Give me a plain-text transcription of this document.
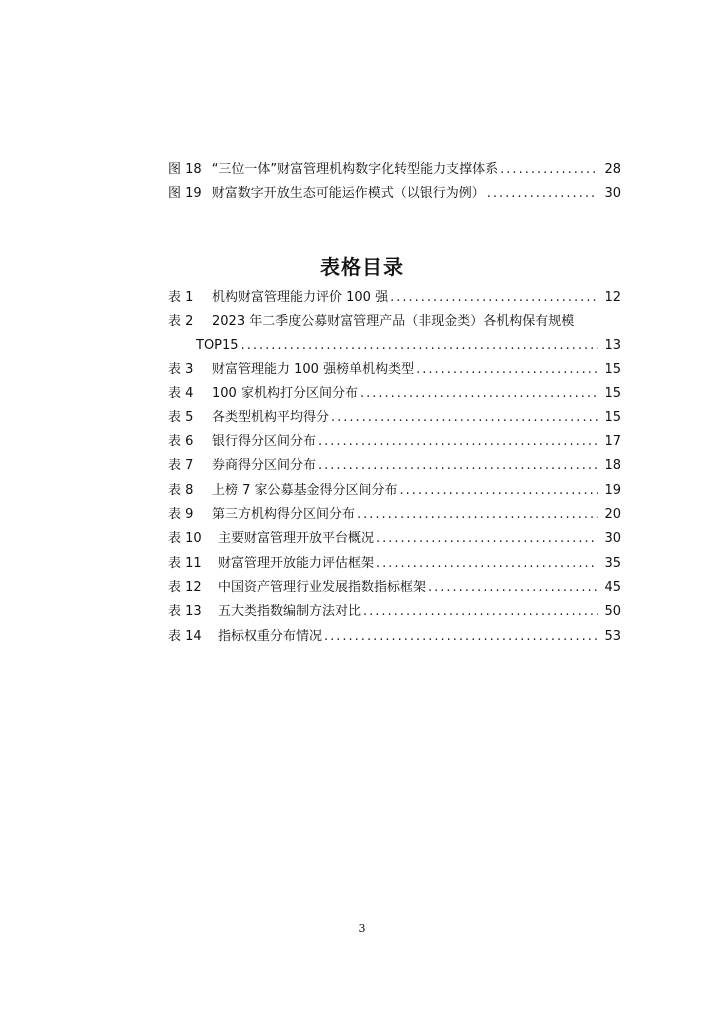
图 18 “三位一体”财富管理机构数字化转型能力支撑体系 .....	28
图 19 财富数字开放生态可能运作模式（以银行为例） .....	30
表格目录
表 1	机构财富管理能力评价 100 强 .....	12
表 2	2023 年二季度公募财富管理产品（非现金类）各机构保有规模
TOP15 .....	13
表 3	财富管理能力 100 强榜单机构类型 .....	15
表 4	100 家机构打分区间分布 .....	15
表 5	各类型机构平均得分 .....	15
表 6	银行得分区间分布 .....	17
表 7	券商得分区间分布 .....	18
表 8	上榜 7 家公募基金得分区间分布 .....	19
表 9	第三方机构得分区间分布 .....	20
表 10	主要财富管理开放平台概况 .....	30
表 11	财富管理开放能力评估框架 .....	35
表 12	中国资产管理行业发展指数指标框架 .....	45
表 13	五大类指数编制方法对比 .....	50
表 14	指标权重分布情况 .....	53
3
